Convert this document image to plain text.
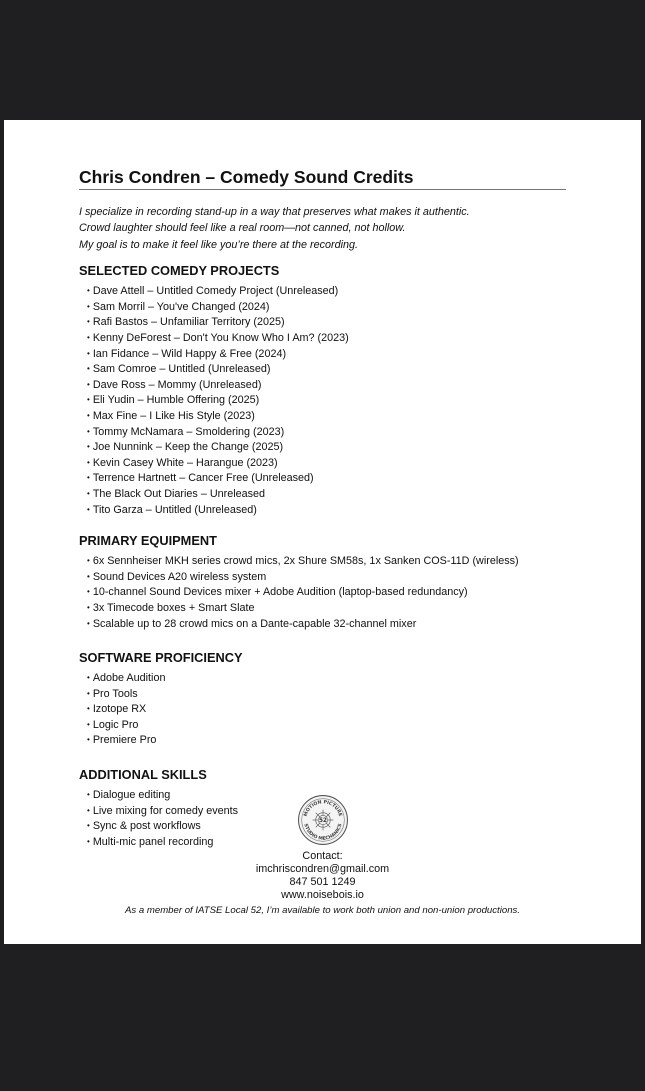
Chris Condren – Comedy Sound Credits
I specialize in recording stand-up in a way that preserves what makes it authentic.
Crowd laughter should feel like a real room—not canned, not hollow.
My goal is to make it feel like you’re there at the recording.
SELECTED COMEDY PROJECTS
• Dave Attell – Untitled Comedy Project (Unreleased)
• Sam Morril – You've Changed (2024)
• Rafi Bastos – Unfamiliar Territory (2025)
• Kenny DeForest – Don't You Know Who I Am? (2023)
• Ian Fidance – Wild Happy & Free (2024)
• Sam Comroe – Untitled (Unreleased)
• Dave Ross – Mommy (Unreleased)
• Eli Yudin – Humble Offering (2025)
• Max Fine – I Like His Style (2023)
• Tommy McNamara – Smoldering (2023)
• Joe Nunnink – Keep the Change (2025)
• Kevin Casey White – Harangue (2023)
• Terrence Hartnett – Cancer Free (Unreleased)
• The Black Out Diaries – Unreleased
• Tito Garza – Untitled (Unreleased)
PRIMARY EQUIPMENT
• 6x Sennheiser MKH series crowd mics, 2x Shure SM58s, 1x Sanken COS-11D (wireless)
• Sound Devices A20 wireless system
• 10-channel Sound Devices mixer + Adobe Audition (laptop-based redundancy)
• 3x Timecode boxes + Smart Slate
• Scalable up to 28 crowd mics on a Dante-capable 32-channel mixer
SOFTWARE PROFICIENCY
• Adobe Audition
• Pro Tools
• Izotope RX
• Logic Pro
• Premiere Pro
ADDITIONAL SKILLS
• Dialogue editing
• Live mixing for comedy events
• Sync & post workflows
• Multi-mic panel recording
MOTION PICTURE
STUDIO MECHANICS
52
Contact:
imchriscondren@gmail.com
847 501 1249
www.noisebois.io
As a member of IATSE Local 52, I’m available to work both union and non-union productions.
